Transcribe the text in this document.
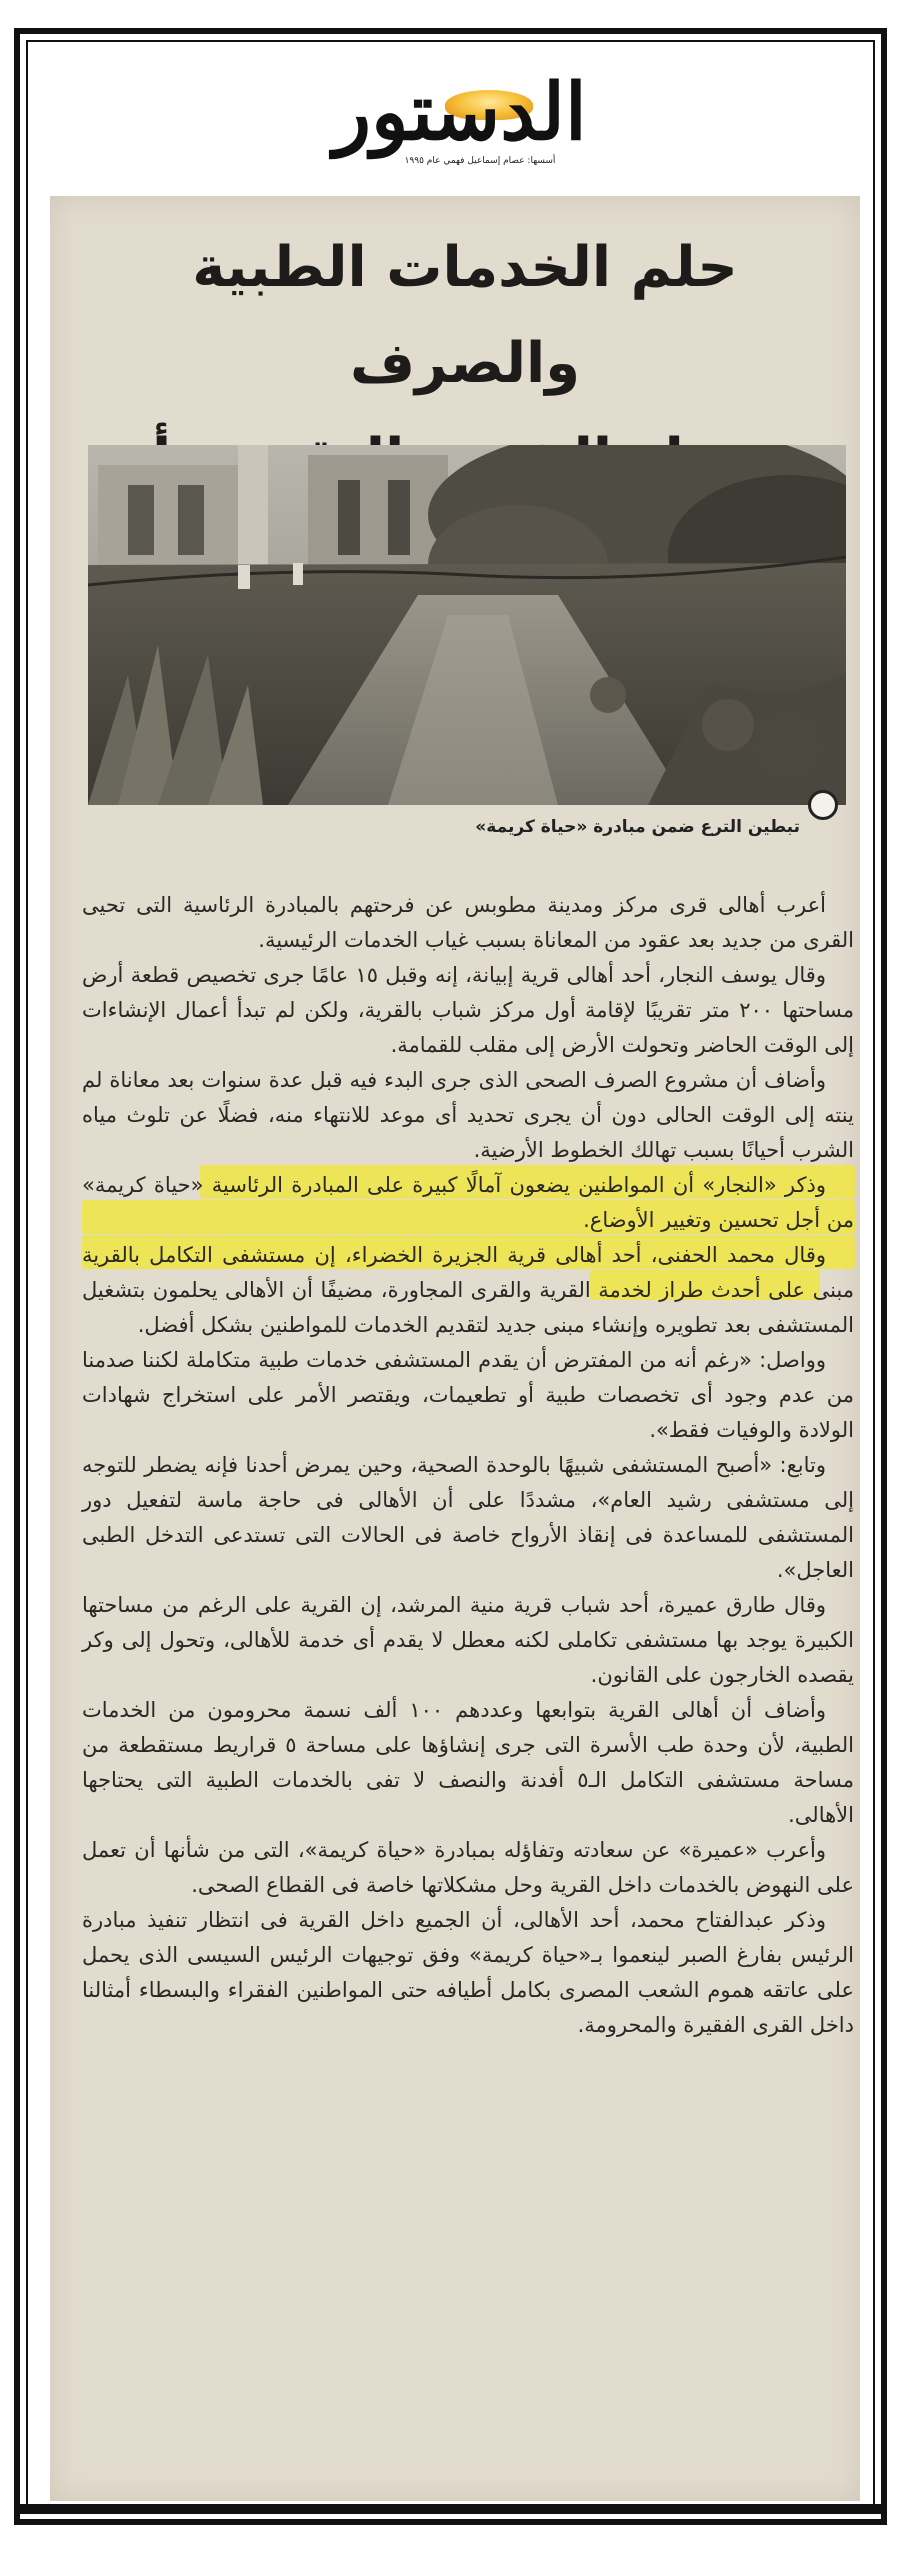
الدستور
أسسها: عصام إسماعيل فهمي عام ١٩٩٥
حلم الخدمات الطبية والصرف
تبطين الترع ضمن مبادرة «حياة كريمة»

أعرب أهالى قرى مركز ومدينة مطوبس عن فرحتهم بالمبادرة الرئاسية التى تحيى القرى من جديد بعد عقود من المعاناة بسبب غياب الخدمات الرئيسية.

وقال يوسف النجار، أحد أهالى قرية إبيانة، إنه وقبل ١٥ عامًا جرى تخصيص قطعة أرض مساحتها ٢٠٠ متر تقريبًا لإقامة أول مركز شباب بالقرية، ولكن لم تبدأ أعمال الإنشاءات إلى الوقت الحاضر وتحولت الأرض إلى مقلب للقمامة.

وأضاف أن مشروع الصرف الصحى الذى جرى البدء فيه قبل عدة سنوات بعد معاناة لم ينته إلى الوقت الحالى دون أن يجرى تحديد أى موعد للانتهاء منه، فضلًا عن تلوث مياه الشرب أحيانًا بسبب تهالك الخطوط الأرضية.

وذكر «النجار» أن المواطنين يضعون آمالًا كبيرة على المبادرة الرئاسية «حياة كريمة» من أجل تحسين وتغيير الأوضاع.

وقال محمد الحفنى، أحد أهالى قرية الجزيرة الخضراء، إن مستشفى التكامل بالقرية مبنى على أحدث طراز لخدمة القرية والقرى المجاورة، مضيفًا أن الأهالى يحلمون بتشغيل المستشفى بعد تطويره وإنشاء مبنى جديد لتقديم الخدمات للمواطنين بشكل أفضل.

وواصل: «رغم أنه من المفترض أن يقدم المستشفى خدمات طبية متكاملة لكننا صدمنا من عدم وجود أى تخصصات طبية أو تطعيمات، ويقتصر الأمر على استخراج شهادات الولادة والوفيات فقط».

وتابع: «أصبح المستشفى شبيهًا بالوحدة الصحية، وحين يمرض أحدنا فإنه يضطر للتوجه إلى مستشفى رشيد العام»، مشددًا على أن الأهالى فى حاجة ماسة لتفعيل دور المستشفى للمساعدة فى إنقاذ الأرواح خاصة فى الحالات التى تستدعى التدخل الطبى العاجل».

وقال طارق عميرة، أحد شباب قرية منية المرشد، إن القرية على الرغم من مساحتها الكبيرة يوجد بها مستشفى تكاملى لكنه معطل لا يقدم أى خدمة للأهالى، وتحول إلى وكر يقصده الخارجون على القانون.

وأضاف أن أهالى القرية بتوابعها وعددهم ١٠٠ ألف نسمة محرومون من الخدمات الطبية، لأن وحدة طب الأسرة التى جرى إنشاؤها على مساحة ٥ قراريط مستقطعة من مساحة مستشفى التكامل الـ٥ أفدنة والنصف لا تفى بالخدمات الطبية التى يحتاجها الأهالى.

وأعرب «عميرة» عن سعادته وتفاؤله بمبادرة «حياة كريمة»، التى من شأنها أن تعمل على النهوض بالخدمات داخل القرية وحل مشكلاتها خاصة فى القطاع الصحى.

وذكر عبدالفتاح محمد، أحد الأهالى، أن الجميع داخل القرية فى انتظار تنفيذ مبادرة الرئيس بفارغ الصبر لينعموا بـ«حياة كريمة» وفق توجيهات الرئيس السيسى الذى يحمل على عاتقه هموم الشعب المصرى بكامل أطيافه حتى المواطنين الفقراء والبسطاء أمثالنا داخل القرى الفقيرة والمحرومة.
